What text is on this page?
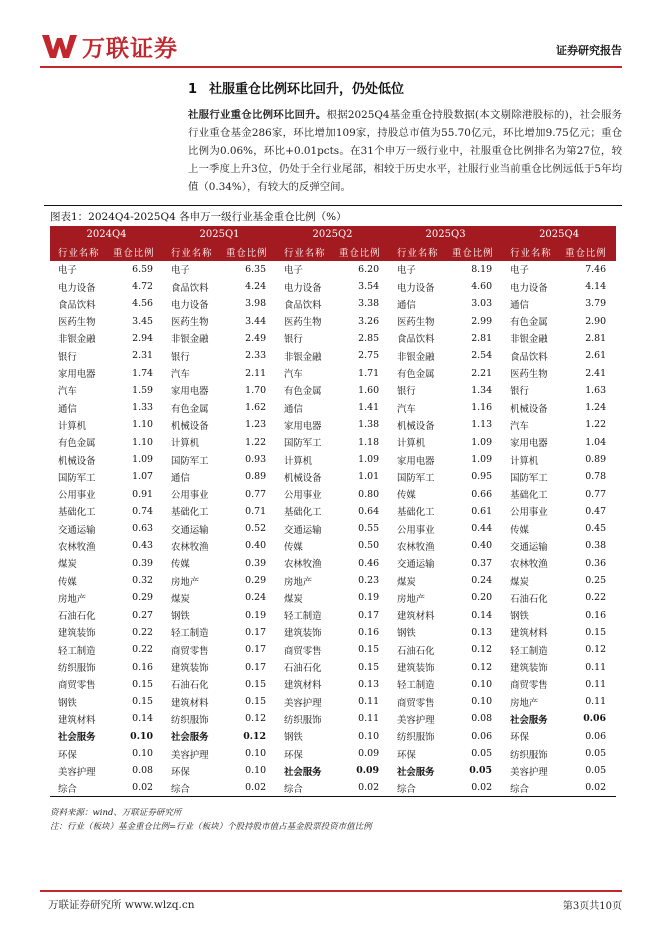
万联证券	证券研究报告
1 社服重仓比例环比回升，仍处低位
社服行业重仓比例环比回升。根据2025Q4基金重仓持股数据(本文剔除港股标的)，社会服务行业重仓基金286家，环比增加109家，持股总市值为55.70亿元，环比增加9.75亿元；重仓比例为0.06%，环比+0.01pcts。在31个申万一级行业中，社服重仓比例排名为第27位，较上一季度上升3位，仍处于全行业尾部，相较于历史水平，社服行业当前重仓比例远低于5年均值（0.34%），有较大的反弹空间。
图表1：2024Q4-2025Q4 各申万一级行业基金重仓比例（%）
2024Q4		2025Q1		2025Q2		2025Q3		2025Q4	
行业名称	重仓比例	行业名称	重仓比例	行业名称	重仓比例	行业名称	重仓比例	行业名称	重仓比例
电子	6.59	电子	6.35	电子	6.20	电子	8.19	电子	7.46
电力设备	4.72	食品饮料	4.24	电力设备	3.54	电力设备	4.60	电力设备	4.14
食品饮料	4.56	电力设备	3.98	食品饮料	3.38	通信	3.03	通信	3.79
医药生物	3.45	医药生物	3.44	医药生物	3.26	医药生物	2.99	有色金属	2.90
非银金融	2.94	非银金融	2.49	银行	2.85	食品饮料	2.81	非银金融	2.81
银行	2.31	银行	2.33	非银金融	2.75	非银金融	2.54	食品饮料	2.61
家用电器	1.74	汽车	2.11	汽车	1.71	有色金属	2.21	医药生物	2.41
汽车	1.59	家用电器	1.70	有色金属	1.60	银行	1.34	银行	1.63
通信	1.33	有色金属	1.62	通信	1.41	汽车	1.16	机械设备	1.24
计算机	1.10	机械设备	1.23	家用电器	1.38	机械设备	1.13	汽车	1.22
有色金属	1.10	计算机	1.22	国防军工	1.18	计算机	1.09	家用电器	1.04
机械设备	1.09	国防军工	0.93	计算机	1.09	家用电器	1.09	计算机	0.89
国防军工	1.07	通信	0.89	机械设备	1.01	国防军工	0.95	国防军工	0.78
公用事业	0.91	公用事业	0.77	公用事业	0.80	传媒	0.66	基础化工	0.77
基础化工	0.74	基础化工	0.71	基础化工	0.64	基础化工	0.61	公用事业	0.47
交通运输	0.63	交通运输	0.52	交通运输	0.55	公用事业	0.44	传媒	0.45
农林牧渔	0.43	农林牧渔	0.40	传媒	0.50	农林牧渔	0.40	交通运输	0.38
煤炭	0.39	传媒	0.39	农林牧渔	0.46	交通运输	0.37	农林牧渔	0.36
传媒	0.32	房地产	0.29	房地产	0.23	煤炭	0.24	煤炭	0.25
房地产	0.29	煤炭	0.24	煤炭	0.19	房地产	0.20	石油石化	0.22
石油石化	0.27	钢铁	0.19	轻工制造	0.17	建筑材料	0.14	钢铁	0.16
建筑装饰	0.22	轻工制造	0.17	建筑装饰	0.16	钢铁	0.13	建筑材料	0.15
轻工制造	0.22	商贸零售	0.17	商贸零售	0.15	石油石化	0.12	轻工制造	0.12
纺织服饰	0.16	建筑装饰	0.17	石油石化	0.15	建筑装饰	0.12	建筑装饰	0.11
商贸零售	0.15	石油石化	0.15	建筑材料	0.13	轻工制造	0.10	商贸零售	0.11
钢铁	0.15	建筑材料	0.15	美容护理	0.11	商贸零售	0.10	房地产	0.11
建筑材料	0.14	纺织服饰	0.12	纺织服饰	0.11	美容护理	0.08	社会服务	0.06
社会服务	0.10	社会服务	0.12	钢铁	0.10	纺织服饰	0.06	环保	0.06
环保	0.10	美容护理	0.10	环保	0.09	环保	0.05	纺织服饰	0.05
美容护理	0.08	环保	0.10	社会服务	0.09	社会服务	0.05	美容护理	0.05
综合	0.02	综合	0.02	综合	0.02	综合	0.02	综合	0.02
资料来源：wind、万联证券研究所
注：行业（板块）基金重仓比例=行业（板块）个股持股市值占基金股票投资市值比例
万联证券研究所 www.wlzq.cn	第3页共10页
